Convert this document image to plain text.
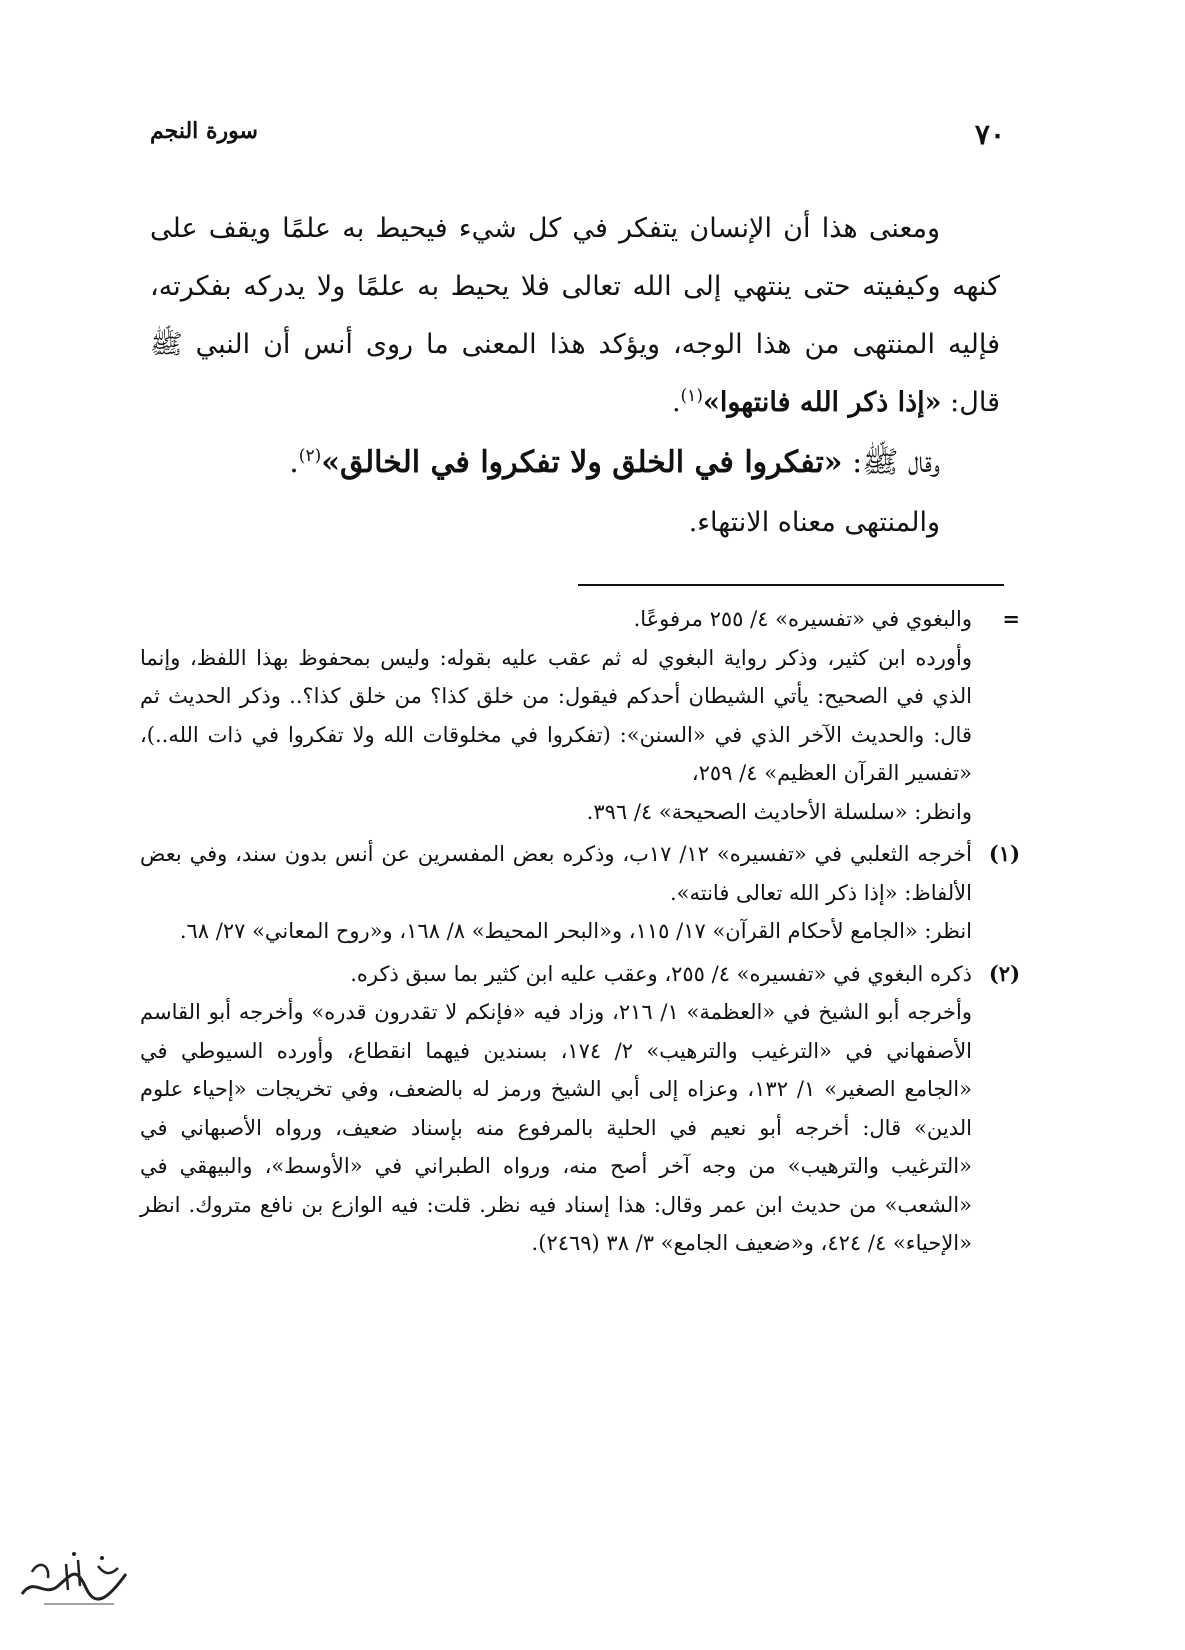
٧٠
سورة النجم

ومعنى هذا أن الإنسان يتفكر في كل شيء فيحيط به علمًا ويقف على كنهه وكيفيته حتى ينتهي إلى الله تعالى فلا يحيط به علمًا ولا يدركه بفكرته، فإليه المنتهى من هذا الوجه، ويؤكد هذا المعنى ما روى أنس أن النبي ﷺ قال: «إذا ذكر الله فانتهوا»$^{(١)}$.

وقال ﷺ: «تفكروا في الخلق ولا تفكروا في الخالق»$^{(٢)}$.

والمنتهى معناه الانتهاء.

=

والبغوي في «تفسيره» ٤/ ٢٥٥ مرفوعًا.

وأورده ابن كثير، وذكر رواية البغوي له ثم عقب عليه بقوله: وليس بمحفوظ بهذا اللفظ، وإنما الذي في الصحيح: يأتي الشيطان أحدكم فيقول: من خلق كذا؟ من خلق كذا؟.. وذكر الحديث ثم قال: والحديث الآخر الذي في «السنن»: (تفكروا في مخلوقات الله ولا تفكروا في ذات الله..)، «تفسير القرآن العظيم» ٤/ ٢٥٩،

وانظر: «سلسلة الأحاديث الصحيحة» ٤/ ٣٩٦.

(١)

أخرجه الثعلبي في «تفسيره» ١٢/ ١٧ب، وذكره بعض المفسرين عن أنس بدون سند، وفي بعض الألفاظ: «إذا ذكر الله تعالى فانته».

انظر: «الجامع لأحكام القرآن» ١٧/ ١١٥، و«البحر المحيط» ٨/ ١٦٨، و«روح المعاني» ٢٧/ ٦٨.

(٢)

ذكره البغوي في «تفسيره» ٤/ ٢٥٥، وعقب عليه ابن كثير بما سبق ذكره.

وأخرجه أبو الشيخ في «العظمة» ١/ ٢١٦، وزاد فيه «فإنكم لا تقدرون قدره» وأخرجه أبو القاسم الأصفهاني في «الترغيب والترهيب» ٢/ ١٧٤، بسندين فيهما انقطاع، وأورده السيوطي في «الجامع الصغير» ١/ ١٣٢، وعزاه إلى أبي الشيخ ورمز له بالضعف، وفي تخريجات «إحياء علوم الدين» قال: أخرجه أبو نعيم في الحلية بالمرفوع منه بإسناد ضعيف، ورواه الأصبهاني في «الترغيب والترهيب» من وجه آخر أصح منه، ورواه الطبراني في «الأوسط»، والبيهقي في «الشعب» من حديث ابن عمر وقال: هذا إسناد فيه نظر. قلت: فيه الوازع بن نافع متروك. انظر «الإحياء» ٤/ ٤٢٤، و«ضعيف الجامع» ٣/ ٣٨ (٢٤٦٩).
